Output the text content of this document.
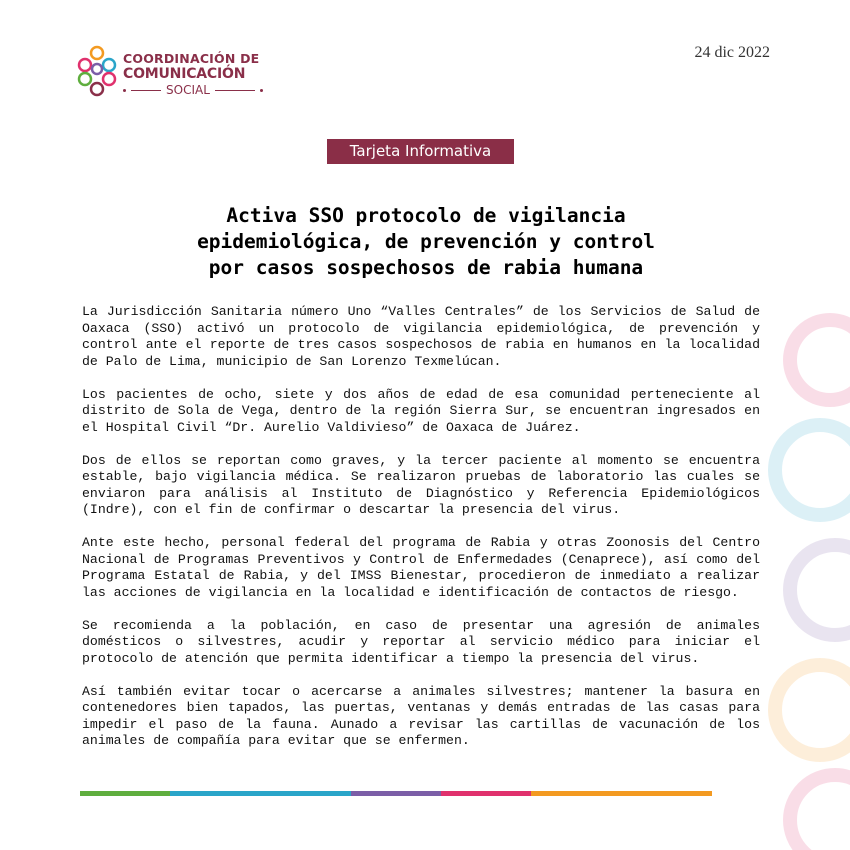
COORDINACIÓN DE
COMUNICACIÓN
SOCIAL
24 dic 2022
Tarjeta Informativa
Activa SSO protocolo de vigilancia
epidemiológica, de prevención y control
por casos sospechosos de rabia humana

La Jurisdicción Sanitaria número Uno “Valles Centrales” de los Servicios de Salud de Oaxaca (SSO) activó un protocolo de vigilancia epidemiológica, de prevención y control ante el reporte de tres casos sospechosos de rabia en humanos en la localidad de Palo de Lima, municipio de San Lorenzo Texmelúcan.

Los pacientes de ocho, siete y dos años de edad de esa comunidad perteneciente al distrito de Sola de Vega, dentro de la región Sierra Sur, se encuentran ingresados en el Hospital Civil “Dr. Aurelio Valdivieso” de Oaxaca de Juárez.

Dos de ellos se reportan como graves, y la tercer paciente al momento se encuentra estable, bajo vigilancia médica. Se realizaron pruebas de laboratorio las cuales se enviaron para análisis al Instituto de Diagnóstico y Referencia Epidemiológicos (Indre), con el fin de confirmar o descartar la presencia del virus.

Ante este hecho, personal federal del programa de Rabia y otras Zoonosis del Centro Nacional de Programas Preventivos y Control de Enfermedades (Cenaprece), así como del Programa Estatal de Rabia, y del IMSS Bienestar, procedieron de inmediato a realizar las acciones de vigilancia en la localidad e identificación de contactos de riesgo.

Se recomienda a la población, en caso de presentar una agresión de animales domésticos o silvestres, acudir y reportar al servicio médico para iniciar el protocolo de atención que permita identificar a tiempo la presencia del virus.

Así también evitar tocar o acercarse a animales silvestres; mantener la basura en contenedores bien tapados, las puertas, ventanas y demás entradas de las casas para impedir el paso de la fauna. Aunado a revisar las cartillas de vacunación de los animales de compañía para evitar que se enfermen.
